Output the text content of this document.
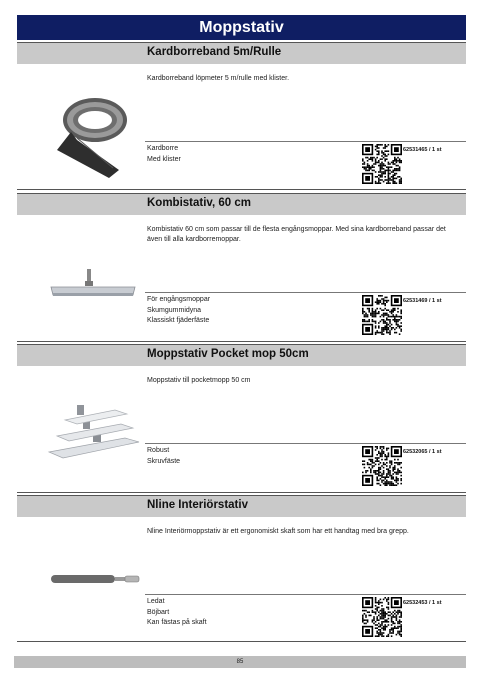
Moppstativ
Kardborreband 5m/Rulle
Kardborreband löpmeter 5 m/rulle med klister.
Kardborre
Med klister
62531465 / 1 st
Kombistativ, 60 cm
Kombistativ 60 cm som passar till de flesta engångsmoppar. Med sina kardborreband passar det även till alla kardborremoppar.
För engångsmoppar
Skumgummidyna
Klassiskt fjäderfäste
62531469 / 1 st
Moppstativ Pocket mop 50cm
Moppstativ till pocketmopp 50 cm
Robust
Skruvfäste
62532065 / 1 st
Nline Interiörstativ
Nline Interiörmoppstativ är ett ergonomiskt skaft som har ett handtag med bra grepp.
Ledat
Böjbart
Kan fästas på skaft
62532453 / 1 st
85
